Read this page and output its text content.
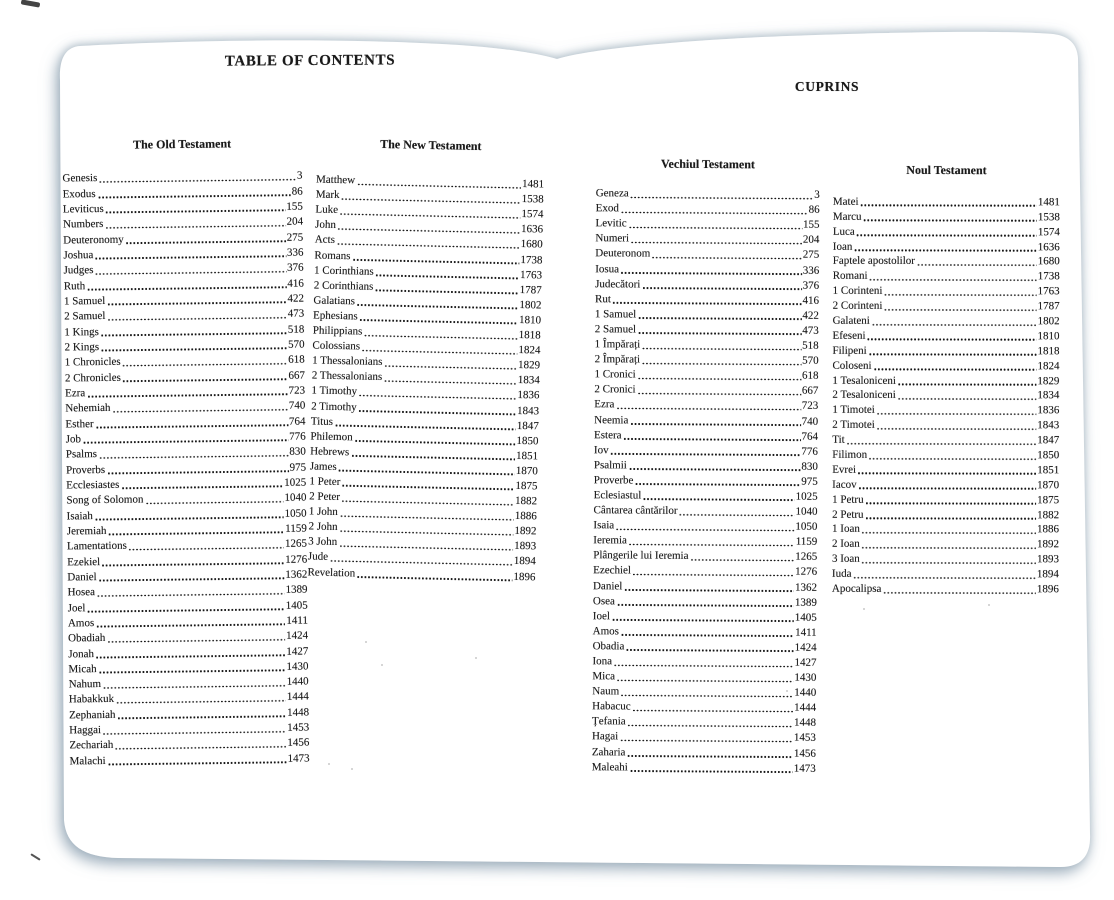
TABLE OF CONTENTS
The Old Testament
Genesis	3
Exodus	86
Leviticus	155
Numbers	204
Deuteronomy	275
Joshua	336
Judges	376
Ruth	416
1 Samuel	422
2 Samuel	473
1 Kings	518
2 Kings	570
1 Chronicles	618
2 Chronicles	667
Ezra	723
Nehemiah	740
Esther	764
Job	776
Psalms	830
Proverbs	975
Ecclesiastes	1025
Song of Solomon	1040
Isaiah	1050
Jeremiah	1159
Lamentations	1265
Ezekiel	1276
Daniel	1362
Hosea	1389
Joel	1405
Amos	1411
Obadiah	1424
Jonah	1427
Micah	1430
Nahum	1440
Habakkuk	1444
Zephaniah	1448
Haggai	1453
Zechariah	1456
Malachi	1473
The New Testament
Matthew	1481
Mark	1538
Luke	1574
John	1636
Acts	1680
Romans	1738
1 Corinthians	1763
2 Corinthians	1787
Galatians	1802
Ephesians	1810
Philippians	1818
Colossians	1824
1 Thessalonians	1829
2 Thessalonians	1834
1 Timothy	1836
2 Timothy	1843
Titus	1847
Philemon	1850
Hebrews	1851
James	1870
1 Peter	1875
2 Peter	1882
1 John	1886
2 John	1892
3 John	1893
Jude	1894
Revelation	1896
CUPRINS
Vechiul Testament
Geneza	3
Exod	86
Levitic	155
Numeri	204
Deuteronom	275
Iosua	336
Judecători	376
Rut	416
1 Samuel	422
2 Samuel	473
1 Împărați	518
2 Împărați	570
1 Cronici	618
2 Cronici	667
Ezra	723
Neemia	740
Estera	764
Iov	776
Psalmii	830
Proverbe	975
Eclesiastul	1025
Cântarea cântărilor	1040
Isaia	1050
Ieremia	1159
Plângerile lui Ieremia	1265
Ezechiel	1276
Daniel	1362
Osea	1389
Ioel	1405
Amos	1411
Obadia	1424
Iona	1427
Mica	1430
Naum	1440
Habacuc	1444
Țefania	1448
Hagai	1453
Zaharia	1456
Maleahi	1473
Noul Testament
Matei	1481
Marcu	1538
Luca	1574
Ioan	1636
Faptele apostolilor	1680
Romani	1738
1 Corinteni	1763
2 Corinteni	1787
Galateni	1802
Efeseni	1810
Filipeni	1818
Coloseni	1824
1 Tesaloniceni	1829
2 Tesaloniceni	1834
1 Timotei	1836
2 Timotei	1843
Tit	1847
Filimon	1850
Evrei	1851
Iacov	1870
1 Petru	1875
2 Petru	1882
1 Ioan	1886
2 Ioan	1892
3 Ioan	1893
Iuda	1894
Apocalipsa	1896
